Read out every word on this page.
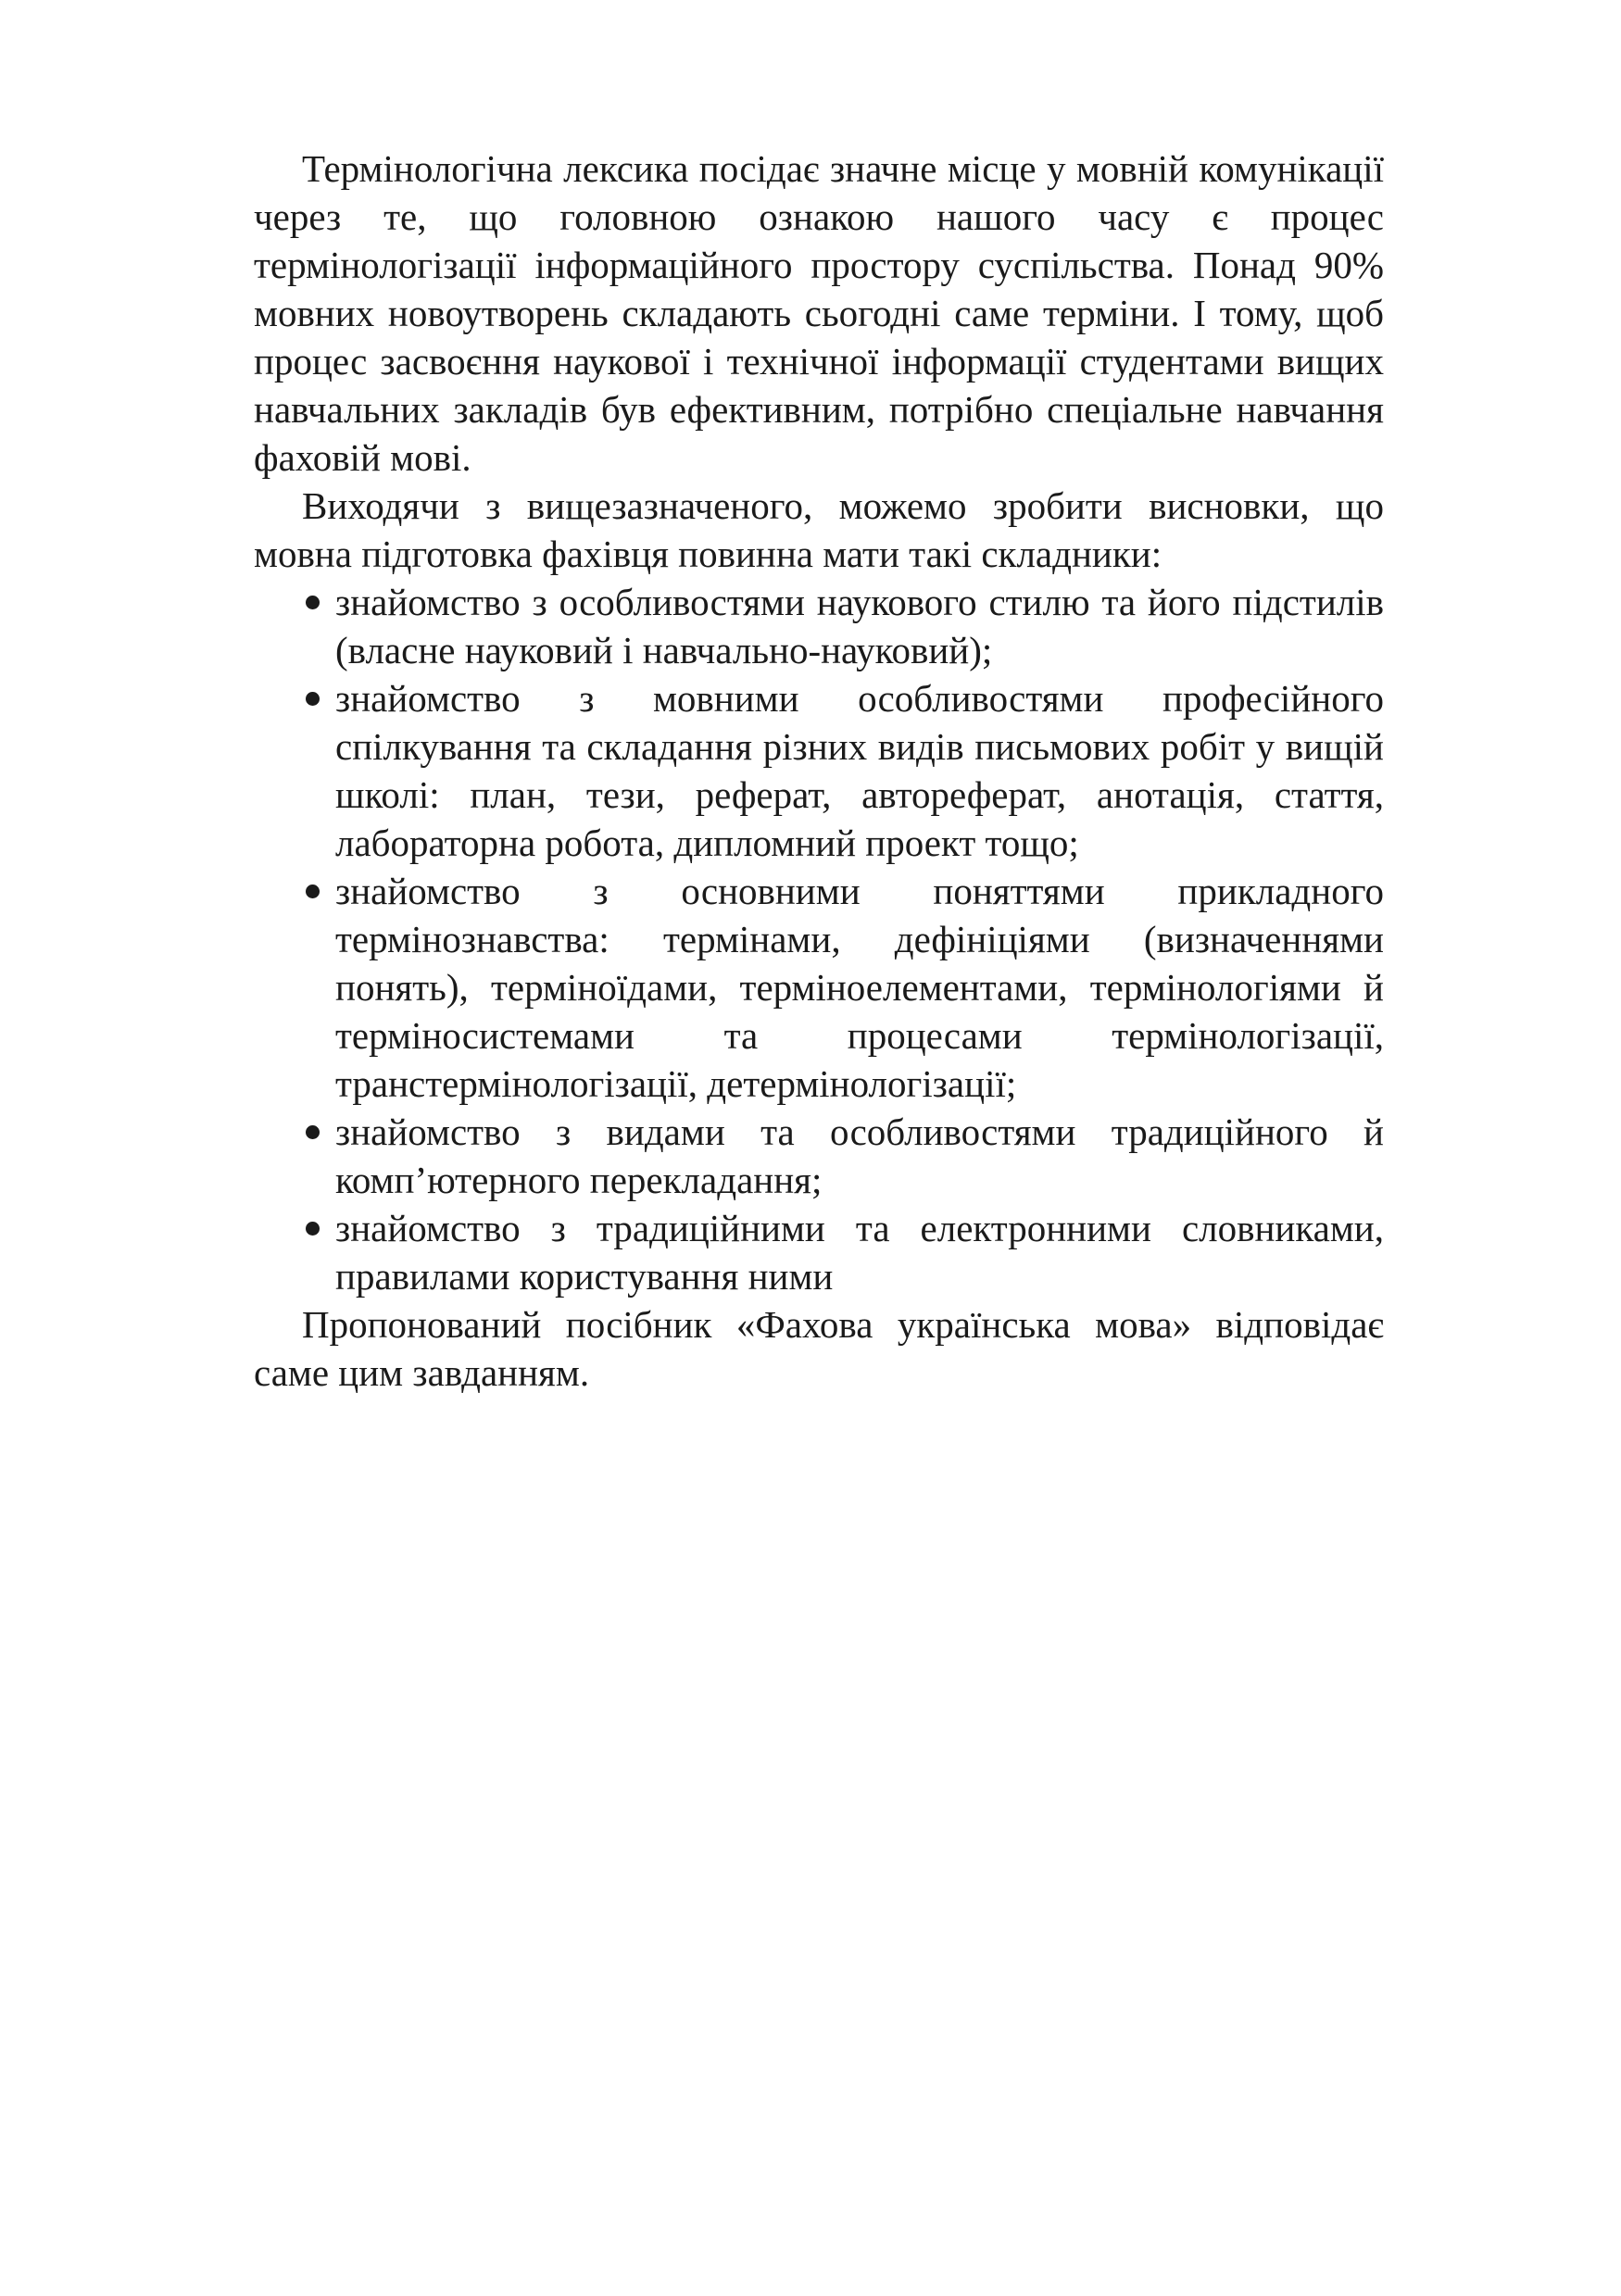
Термінологічна лексика посідає значне місце у мовній комунікації через те, що головною ознакою нашого часу є процес термінологізації інформаційного простору суспільства. Понад 90% мовних новоутворень складають сьогодні саме терміни. І тому, щоб процес засвоєння наукової і технічної інформації студентами вищих навчальних закладів був ефективним, потрібно спеціальне навчання фаховій мові.

Виходячи з вищезазначеного, можемо зробити висновки, що мовна підготовка фахівця повинна мати такі складники:

знайомство з особливостями наукового стилю та його підстилів (власне науковий і навчально-науковий);
знайомство з мовними особливостями професійного спілкування та складання різних видів письмових робіт у вищій школі: план, тези, реферат, автореферат, анотація, стаття, лабораторна робота, дипломний проект тощо;
знайомство з основними поняттями прикладного термінознавства: термінами, дефініціями (визначеннями понять), терміноїдами, терміноелементами, термінологіями й терміносистемами та процесами термінологізації, транстермінологізації, детермінологізації;
знайомство з видами та особливостями традиційного й комп’ютерного перекладання;
знайомство з традиційними та електронними словниками, правилами користування ними

Пропонований посібник «Фахова українська мова» відповідає саме цим завданням.
